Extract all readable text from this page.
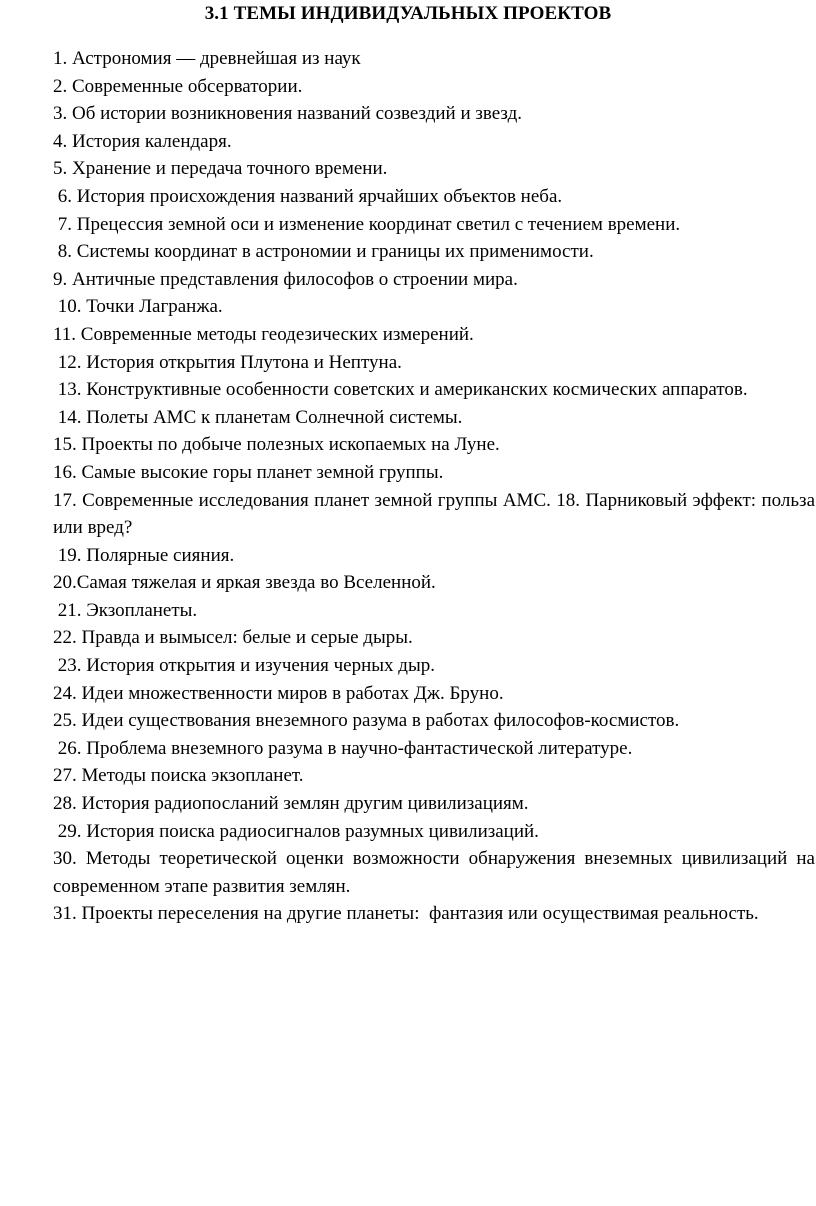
3.1 ТЕМЫ ИНДИВИДУАЛЬНЫХ ПРОЕКТОВ
1. Астрономия — древнейшая из наук
2. Современные обсерватории.
3. Об истории возникновения названий созвездий и звезд.
4. История календаря.
5. Хранение и передача точного времени.
6. История происхождения названий ярчайших объектов неба.
7. Прецессия земной оси и изменение координат светил с течением времени.
8. Системы координат в астрономии и границы их применимости.
9. Античные представления философов о строении мира.
10. Точки Лагранжа.
11. Современные методы геодезических измерений.
12. История открытия Плутона и Нептуна.
13. Конструктивные особенности советских и американских космических аппаратов.
14. Полеты АМС к планетам Солнечной системы.
15. Проекты по добыче полезных ископаемых на Луне.
16. Самые высокие горы планет земной группы.
17. Современные исследования планет земной группы АМС. 18. Парниковый эффект: польза или вред?
19. Полярные сияния.
20.Самая тяжелая и яркая звезда во Вселенной.
21. Экзопланеты.
22. Правда и вымысел: белые и серые дыры.
23. История открытия и изучения черных дыр.
24. Идеи множественности миров в работах Дж. Бруно.
25. Идеи существования внеземного разума в работах философов-космистов.
26. Проблема внеземного разума в научно-фантастической литературе.
27. Методы поиска экзопланет.
28. История радиопосланий землян другим цивилизациям.
29. История поиска радиосигналов разумных цивилизаций.
30. Методы теоретической оценки возможности обнаружения внеземных цивилизаций на современном этапе развития землян.
31. Проекты переселения на другие планеты:  фантазия или осуществимая реальность.
